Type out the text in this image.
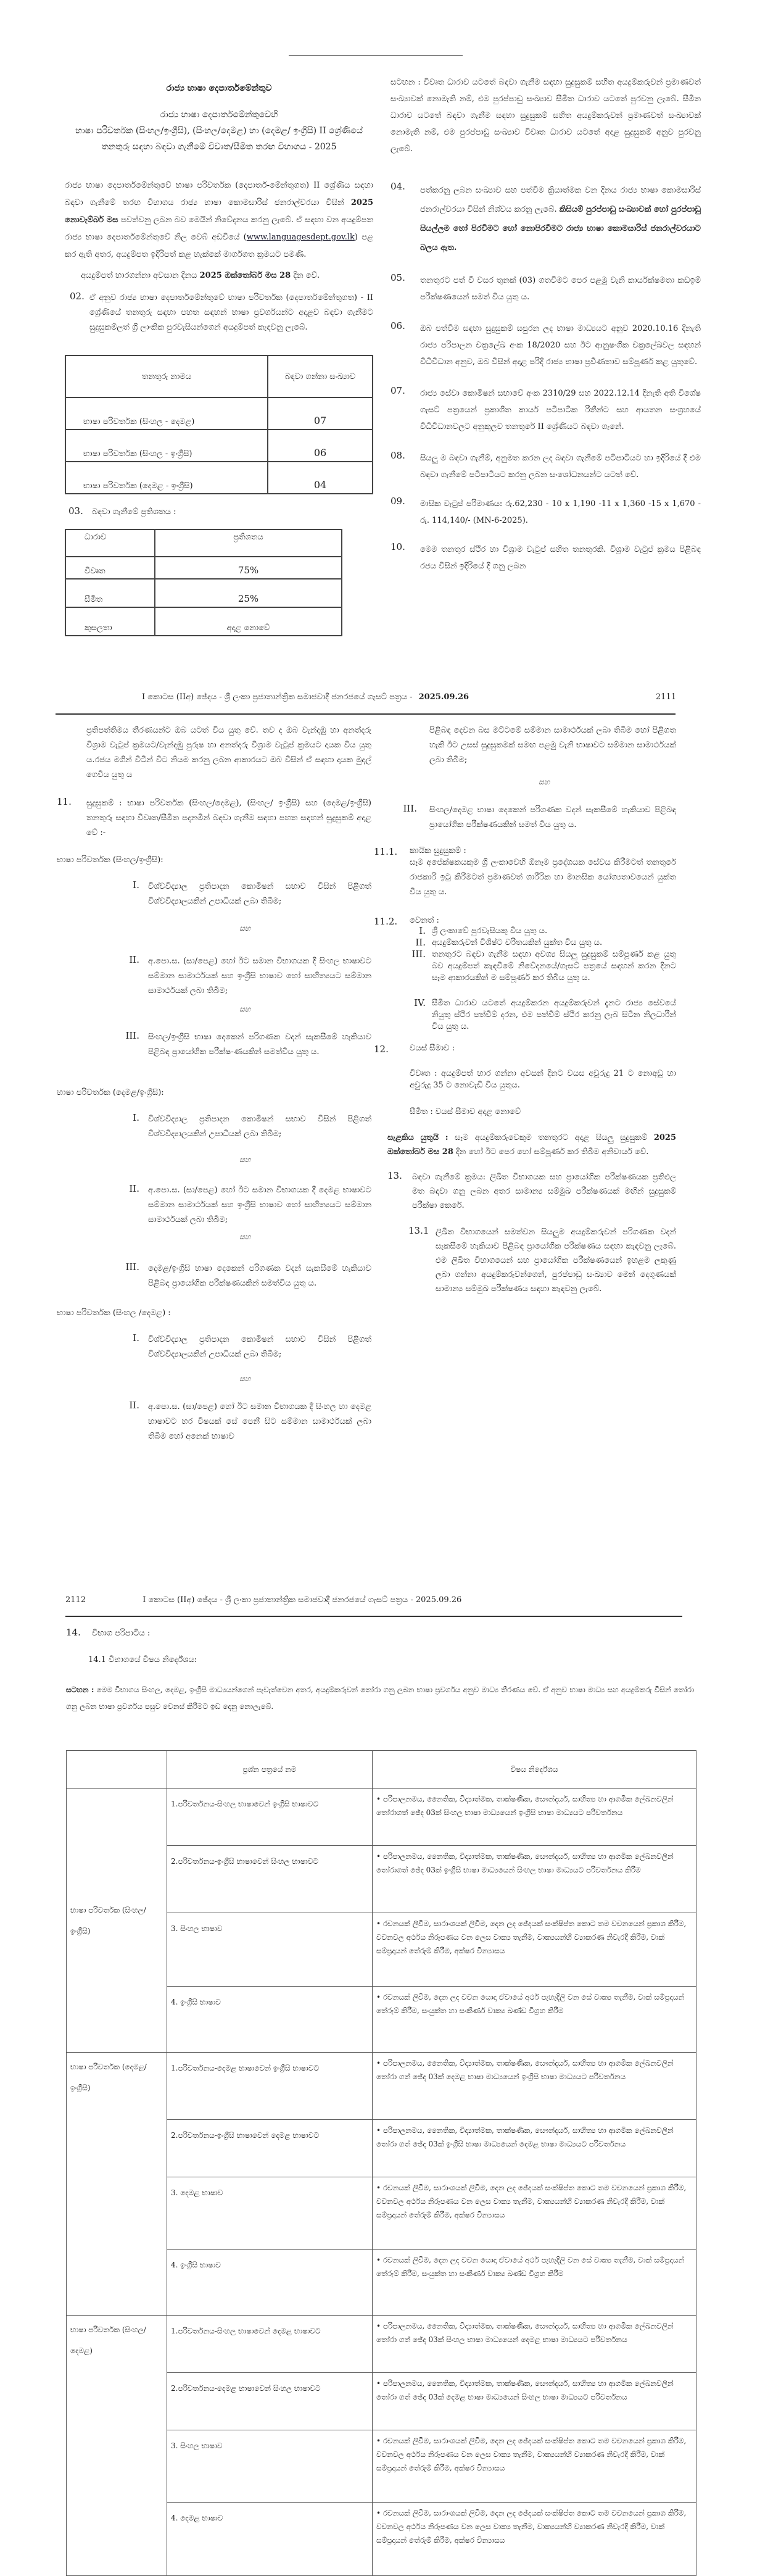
රාජ්‍ය භාෂා දෙපාර්තමේන්තුව
රාජ්‍ය භාෂා දෙපාර්තමේන්තුවෙහි
භාෂා පරිවර්තක (සිංහල/ඉංග්‍රීසි), (සිංහල/දෙමළ) හා (දෙමළ/ ඉංග්‍රීසි) II ශ්‍රේණියේ තනතුරු සඳහා බඳවා ගැනීමේ විවෘත/සීමිත තරඟ විභාගය - 2025

රාජ්‍ය භාෂා දෙපාර්තමේන්තුවේ භාෂා පරිවර්තක (දෙපාර්ත-මේන්තුගත) II ශ්‍රේණිය සඳහා බඳවා ගැනීමේ තරඟ විභාගය රාජ්‍ය භාෂා කොමසාරිස් ජනරාල්වරයා විසින් 2025 නොවැම්බර් මස පවත්වනු ලබන බව මෙයින් නිවේදනය කරනු ලැබේ. ඒ සඳහා වන අයදුම්පත රාජ්‍ය භාෂා දෙපාර්තමේන්තුවේ නිල වෙබ් අඩවියේ (www.languagesdept.gov.lk) පළ කර ඇති අතර, අයදුම්පත ඉදිරිපත් කළ හැක්කේ මාර්ගගත ක්‍රමයට පමණි.

අයදුම්පත් භාරගන්නා අවසාන දිනය 2025 ඔක්තෝබර් මස 28 දින වේ.

02. ඒ අනුව රාජ්‍ය භාෂා දෙපාර්තමේන්තුවේ භාෂා පරිවර්තක (දෙපාර්තමේන්තුගත) - II ශ්‍රේණියේ තනතුරු සඳහා පහත සඳහන් භාෂා ප්‍රවර්ගයන්ට අදාළව බඳවා ගැනීමට සුදුසුකම්ලත් ශ්‍රී ලාංකික පුරවැසියන්ගෙන් අයදුම්පත් කැඳවනු ලැබේ.

තනතුරු නාමය	බඳවා ගන්නා සංඛ්‍යාව
භාෂා පරිවර්තක (සිංහල - දෙමළ)	07
භාෂා පරිවර්තක (සිංහල - ඉංග්‍රීසි)	06
භාෂා පරිවර්තක (දෙමළ - ඉංග්‍රීසි)	04
03. බඳවා ගැනීමේ ප්‍රතිශතය :
ධාරාව	ප්‍රතිශතය
විවෘත	75%
සීමිත	25%
කුසලතා	අදාළ නොවේ

සටහන : විවෘත ධාරාව යටතේ බඳවා ගැනීම සඳහා සුදුසුකම් සහිත අයදුම්කරුවන් ප්‍රමාණවත් සංඛ්‍යාවක් නොමැති නම්, එම පුරප්පාඩු සංඛ්‍යාව සීමිත ධාරාව යටතේ පුරවනු ලැබේ. සීමිත ධාරාව යටතේ බඳවා ගැනීම සඳහා සුදුසුකම් සහිත අයදුම්කරුවන් ප්‍රමාණවත් සංඛ්‍යාවක් නොමැති නම්, එම පුරප්පාඩු සංඛ්‍යාව විවෘත ධාරාව යටතේ අදාළ සුදුසුකම් අනුව පුරවනු ලැබේ.

04. පත්කරනු ලබන සංඛ්‍යාව සහ පත්වීම ක්‍රියාත්මක වන දිනය රාජ්‍ය භාෂා කොමසාරිස් ජනරාල්වරයා විසින් නිශ්චය කරනු ලැබේ. කිසියම් පුරප්පාඩු සංඛ්‍යාවක් හෝ පුරප්පාඩු සියල්ලම හෝ පිරවීමට හෝ නොපිරවීමට රාජ්‍ය භාෂා කොමසාරිස් ජනරාල්වරයාට බලය ඇත.

05. තනතුරට පත් වී වසර තුනක් (03) ගතවීමට පෙර පළමු වැනි කාර්යක්ෂමතා කඩඉම් පරීක්ෂණයෙන් සමත් විය යුතු ය.

06. ඔබ පත්වීම සඳහා සුදුසුකම් සපුරන ලද භාෂා මාධ්‍යයට අනුව 2020.10.16 දිනැති රාජ්‍ය පරිපාලන චක්‍රලේඛ අංක 18/2020 සහ ඊට ආනුෂංගික චක්‍රලේඛවල සඳහන් විධිවිධාන අනුව, ඔබ විසින් අදාළ පරිදි රාජ්‍ය භාෂා ප්‍රවීණතාව සම්පූර්ණ කළ යුතුවේ.

07. රාජ්‍ය සේවා කොමිෂන් සභාවේ අංක 2310/29 සහ 2022.12.14 දිනැති අති විශේෂ ගැසට් පත්‍රයෙන් ප්‍රකාශිත කාර්ය පටිපාටික රීතීන්ට සහ ආයතන සංග්‍රහයේ විධිවිධානවලට අනුකූලව තනතුරේ II ශ්‍රේණියට බඳවා ගැනේ.

08. සියලු ම බඳවා ගැනීම්, අනුමත කරන ලද බඳවා ගැනීමේ පටිපාටියට හා ඉදිරියේ දී එම බඳවා ගැනීමේ පටිපාටියට කරනු ලබන සංශෝධනයන්ට යටත් වේ.

09. මාසික වැටුප් පරිමාණය: රු.62,230 - 10 x 1,190 -11 x 1,360 -15 x 1,670 - රු. 114,140/- (MN-6-2025).

10. මෙම තනතුර ස්ථිර හා විශ්‍රාම වැටුප් සහිත තනතුරකි. විශ්‍රාම වැටුප් ක්‍රමය පිළිබඳ රජය විසින් ඉදිරියේ දී ගනු ලබන

I කොටස (IIඅ) ඡේදය - ශ්‍රී ලංකා ප්‍රජාතාන්ත්‍රික සමාජවාදී ජනරජයේ ගැසට් පත්‍රය - 2025.09.26	2111

ප්‍රතිපත්තිමය තීරණයන්ට ඔබ යටත් විය යුතු වේ. තව ද ඔබ වැන්දඹු හා අනත්දරු විශ්‍රාම වැටුප් ක්‍රමයට/වැන්දඹු පුරුෂ හා අනත්දරු විශ්‍රාම වැටුප් ක්‍රමයට දායක විය යුතු ය.රජය මගින් විටින් විට නියම කරනු ලබන ආකාරයට ඔබ විසින් ඒ සඳහා දායක මුදල් ගෙවිය යුතු ය

11. සුදුසුකම් : භාෂා පරිවර්තක (සිංහල/දෙමළ), (සිංහල/ ඉංග්‍රීසි) සහ (දෙමළ/ඉංග්‍රීසි) තනතුරු සඳහා විවෘත/සීමිත පදනමින් බඳවා ගැනීම සඳහා පහත සඳහන් සුදුසුකම් අදාළ වේ :-

භාෂා පරිවර්තක (සිංහල/ඉංග්‍රීසි):
I. විශ්වවිද්‍යාල ප්‍රතිපාදන කොමිෂන් සභාව විසින් පිළිගත් විශ්වවිද්‍යාලයකින් උපාධියක් ලබා තිබීම;

සහ
II. අ.පො.ස. (සා/පෙළ) හෝ ඊට සමාන විභාගයක දී සිංහල භාෂාවට සම්මාන සාමාර්ථයක් සහ ඉංග්‍රීසි භාෂාව හෝ සාහිත්‍යයට සම්මාන සාමාර්ථයක් ලබා තිබීම;

සහ
III. සිංහල/ඉංග්‍රීසි භාෂා දෙකෙන් පරිගණක වදන් සැකසීමේ හැකියාව පිළිබඳ ප්‍රායෝගික පරීක්ෂ-ණයකින් සමත්විය යුතු ය.

භාෂා පරිවර්තක (දෙමළ/ඉංග්‍රීසි):
I. විශ්වවිද්‍යාල ප්‍රතිපාදන කොමිෂන් සභාව විසින් පිළිගත් විශ්වවිද්‍යාලයකින් උපාධියක් ලබා තිබීම;

සහ
II. අ.පො.ස. (සා/පෙළ) හෝ ඊට සමාන විභාගයක දී දෙමළ භාෂාවට සම්මාන සාමාර්ථයක් සහ ඉංග්‍රීසි භාෂාව හෝ සාහිත්‍යයට සම්මාන සාමාර්ථයක් ලබා තිබීම;

සහ
III. දෙමළ/ඉංග්‍රීසි භාෂා දෙකෙන් පරිගණක වදන් සැකසීමේ හැකියාව පිළිබඳ ප්‍රායෝගික පරීක්ෂණයකින් සමත්විය යුතු ය.

භාෂා පරිවර්තක (සිංහල /දෙමළ) :
I. විශ්වවිද්‍යාල ප්‍රතිපාදන කොමිෂන් සභාව විසින් පිළිගත් විශ්වවිද්‍යාලයකින් උපාධියක් ලබා තිබීම;

සහ
II. අ.පො.ස. (සා/පෙළ) හෝ ඊට සමාන විභාගයක දී සිංහල හා දෙමළ භාෂාවට හර විෂයක් සේ පෙනී සිට සම්මාන සාමාර්ථයක් ලබා තිබීම හෝ අනෙක් භාෂාව

පිළිබඳ දෙවන බස මට්ටමේ සම්මාන සාමාර්ථයක් ලබා තිබීම හෝ පිළිගත හැකි ඊට උසස් සුදුසුකමක් සමඟ පළමු වැනි භාෂාවට සම්මාන සාමාර්ථයක් ලබා තිබීම;

සහ
III. සිංහල/දෙමළ භාෂා දෙකෙන් පරිගණක වදන් සැකසීමේ හැකියාව පිළිබඳ ප්‍රායෝගික පරීක්ෂණයකින් සමත් විය යුතු ය.

11.1. කායික සුදුසුකම් :

සෑම අපේක්ෂකයකුම ශ්‍රී ලංකාවෙහි ඕනෑම ප්‍රදේශයක සේවය කිරීමටත් තනතුරේ රාජකාරි ඉටු කිරීමටත් ප්‍රමාණවත් ශාරීරික හා මානසික යෝග්‍යතාවයෙන් යුක්ත විය යුතු ය.

11.2. වෙනත් :
I. ශ්‍රී ලංකාවේ පුරවැසියකු විය යුතු ය.

II. අයදුම්කරුවන් විශිෂ්ට චරිතයකින් යුක්ත විය යුතු ය.

III. තනතුරට බඳවා ගැනීම සඳහා අවශ්‍ය සියලු සුදුසුකම් සම්පූර්ණ කළ යුතු බව අයදුම්පත් කැඳවීමේ නිවේදනයේ/ගැසට් පත්‍රයේ සඳහන් කරන දිනට සෑම ආකාරයකින් ම සම්පූර්ණ කර තිබිය යුතු ය.

IV. සීමිත ධාරාව යටතේ අයදුම්කරන අයදුම්කරුවන් දැනට රාජ්‍ය සේවයේ නියුතු ස්ථිර පත්වීම් දරන, එම පත්වීම් ස්ථිර කරනු ලැබ සිටින නිලධාරීන් විය යුතු ය.

12.	වයස් සීමාව :

විවෘත : අයදුම්පත් භාර ගන්නා අවසන් දිනට වයස අවුරුදු 21 ට නොඅඩු හා අවුරුදු 35 ට නොවැඩි විය යුතුය.

සීමිත : වයස් සීමාව අදාළ නොවේ

සැළකිය යුතුයි : සෑම අයදුම්කරුවෙකුම තනතුරට අදාළ සියලු සුදුසුකම් 2025 ඔක්තෝබර් මස 28 දින හෝ ඊට පෙර හෝ සම්පූර්ණ කර තිබීම අනිවාර්ය වේ.

13. බඳවා ගැනීමේ ක්‍රමය: ලිඛිත විභාගයක සහ ප්‍රායෝගික පරීක්ෂණයක ප්‍රතිඵල මත බඳවා ගනු ලබන අතර සාමාන්‍ය සම්මුඛ පරීක්ෂණයක් මඟින් සුදුසුකම් පරීක්ෂා කෙරේ.

13.1 ලිඛිත විභාගයෙන් සමත්වන සියලුම අයදුම්කරුවන් පරිගණක වදන් සැකසීමේ හැකියාව පිළිබඳ ප්‍රායෝගික පරීක්ෂණය සඳහා කැඳවනු ලැබේ. එම ලිඛිත විභාගයෙන් සහ ප්‍රායෝගික පරීක්ෂණයෙන් ඉහළම ලකුණු ලබා ගන්නා අයදුම්කරුවන්ගෙන්, පුරප්පාඩු සංඛ්‍යාව මෙන් දෙගුණයක් සාමාන්‍ය සම්මුඛ පරීක්ෂණය සඳහා කැඳවනු ලැබේ.

2112	I කොටස (IIඅ) ඡේදය - ශ්‍රී ලංකා ප්‍රජාතාන්ත්‍රික සමාජවාදී ජනරජයේ ගැසට් පත්‍රය - 2025.09.26
14. විභාග පරිපාටිය :
14.1 විභාගයේ විෂය නිර්දේශය:

සටහන : මෙම විභාගය සිංහල, දෙමළ, ඉංග්‍රීසි මාධ්‍යයන්ගෙන් පැවැත්වෙන අතර, අයදුම්කරුවන් තෝරා ගනු ලබන භාෂා ප්‍රවර්ගය අනුව මාධ්‍ය තීරණය වේ. ඒ අනුව භාෂා මාධ්‍ය සහ අයදුම්කරු විසින් තෝරා ගනු ලබන භාෂා ප්‍රවර්ගය පසුව වෙනස් කිරීමට ඉඩ දෙනු නොලැබේ.

	ප්‍රශ්න පත්‍රයේ නම	විෂය නිර්දේශය
භාෂා පරිවර්තක (සිංහල/ ඉංග්‍රීසි)	1.පරිවර්තනය-සිංහල භාෂාවෙන් ඉංග්‍රීසි භාෂාවට	• පරිපාලනමය, නෛතික, විද්‍යාත්මක, තාක්ෂණික, සෞන්දර්ය, සාහිත්‍ය හා ආගමික ලේඛනවලින් තෝරාගත් ඡේද 03ක් සිංහල භාෂා මාධ්‍යයෙන් ඉංග්‍රීසි භාෂා මාධ්‍යයට පරිවර්තනය
	2.පරිවර්තනය-ඉංග්‍රීසි භාෂාවෙන් සිංහල භාෂාවට	• පරිපාලනමය, නෛතික, විද්‍යාත්මක, තාක්ෂණික, සෞන්දර්ය, සාහිත්‍ය හා ආගමික ලේඛනවලින් තෝරාගත් ඡේද 03ක් ඉංග්‍රීසි භාෂා මාධ්‍යයෙන් සිංහල භාෂා මාධ්‍යයට පරිවර්තනය කිරීම
	3. සිංහල භාෂාව	• රචනයක් ලිවීම, සාරාංශයක් ලිවීම, දෙන ලද ඡේදයක් සංක්ෂිප්ත කොට තම වචනයෙන් ප්‍රකාශ කිරීම, වචනවල අර්ථය නිරූපණය වන ලෙස වාක්‍ය තැනීම, වාක්‍යයන්හි ව්‍යාකරණ නිවැරදි කිරීම, වාක් සම්ප්‍රදායන් තේරුම් කිරීම, අක්ෂර වින්‍යාසය
	4. ඉංග්‍රීසි භාෂාව	• රචනයක් ලිවීම, දෙන ලද වචන යොදා ඒවායේ අර්ථ පැහැදිලි වන සේ වාක්‍ය තැනීම, වාක් සම්ප්‍රදායන් තේරුම් කිරීම, සංයුක්ත හා සංකීර්ණ වාක්‍ය ඛණ්ඩ විග්‍රහ කිරීම
භාෂා පරිවර්තක (දෙමළ/ ඉංග්‍රීසි)	1.පරිවර්තනය-දෙමළ භාෂාවෙන් ඉංග්‍රීසි භාෂාවට	• පරිපාලනමය, නෛතික, විද්‍යාත්මක, තාක්ෂණික, සෞන්දර්ය, සාහිත්‍ය හා ආගමික ලේඛනවලින් තෝරා ගත් ඡේද 03ක් දෙමළ භාෂා මාධ්‍යයෙන් ඉංග්‍රීසි භාෂා මාධ්‍යයට පරිවර්තනය
	2.පරිවර්තනය-ඉංග්‍රීසි භාෂාවෙන් දෙමළ භාෂාවට	• පරිපාලනමය, නෛතික, විද්‍යාත්මක, තාක්ෂණික, සෞන්දර්ය, සාහිත්‍ය හා ආගමික ලේඛනවලින් තෝරා ගත් ඡේද 03ක් ඉංග්‍රීසි භාෂා මාධ්‍යයෙන් දෙමළ භාෂා මාධ්‍යයට පරිවර්තනය
	3. දෙමළ භාෂාව	• රචනයක් ලිවීම, සාරාංශයක් ලිවීම, දෙන ලද ඡේදයක් සංක්ෂිප්ත කොට තම වචනයෙන් ප්‍රකාශ කිරීම, වචනවල අර්ථය නිරූපණය වන ලෙස වාක්‍ය තැනීම, වාක්‍යයන්හි ව්‍යාකරණ නිවැරදි කිරීම, වාක් සම්ප්‍රදායන් තේරුම් කිරීම, අක්ෂර වින්‍යාසය
	4. ඉංග්‍රීසි භාෂාව	• රචනයක් ලිවීම, දෙන ලද වචන යොදා ඒවායේ අර්ථ පැහැදිලි වන සේ වාක්‍ය තැනීම, වාක් සම්ප්‍රදායන් තේරුම් කිරීම, සංයුක්ත හා සංකීර්ණ වාක්‍ය ඛණ්ඩ විග්‍රහ කිරීම
භාෂා පරිවර්තක (සිංහල/දෙමළ)	1.පරිවර්තනය-සිංහල භාෂාවෙන් දෙමළ භාෂාවට	• පරිපාලනමය, නෛතික, විද්‍යාත්මක, තාක්ෂණික, සෞන්දර්ය, සාහිත්‍ය හා ආගමික ලේඛනවලින් තෝරා ගත් ඡේද 03ක් සිංහල භාෂා මාධ්‍යයෙන් දෙමළ භාෂා මාධ්‍යයට පරිවර්තනය
	2.පරිවර්තනය-දෙමළ භාෂාවෙන් සිංහල භාෂාවට	• පරිපාලනමය, නෛතික, විද්‍යාත්මක, තාක්ෂණික, සෞන්දර්ය, සාහිත්‍ය හා ආගමික ලේඛනවලින් තෝරා ගත් ඡේද 03ක් දෙමළ භාෂා මාධ්‍යයෙන් සිංහල භාෂා මාධ්‍යයට පරිවර්තනය
	3. සිංහල භාෂාව	• රචනයක් ලිවීම, සාරාංශයක් ලිවීම, දෙන ලද ඡේදයක් සංක්ෂිප්ත කොට තම වචනයෙන් ප්‍රකාශ කිරීම, වචනවල අර්ථය නිරූපණය වන ලෙස වාක්‍ය තැනීම, වාක්‍යයන්හි ව්‍යාකරණ නිවැරදි කිරීම, වාක් සම්ප්‍රදායන් තේරුම් කිරීම, අක්ෂර වින්‍යාසය
	4. දෙමළ භාෂාව	• රචනයක් ලිවීම, සාරාංශයක් ලිවීම, දෙන ලද ඡේදයක් සංක්ෂිප්ත කොට තම වචනයෙන් ප්‍රකාශ කිරීම, වචනවල අර්ථය නිරූපණය වන ලෙස වාක්‍ය තැනීම, වාක්‍යයන්හි ව්‍යාකරණ නිවැරදි කිරීම, වාක් සම්ප්‍රදායන් තේරුම් කිරීම, අක්ෂර වින්‍යාසය
